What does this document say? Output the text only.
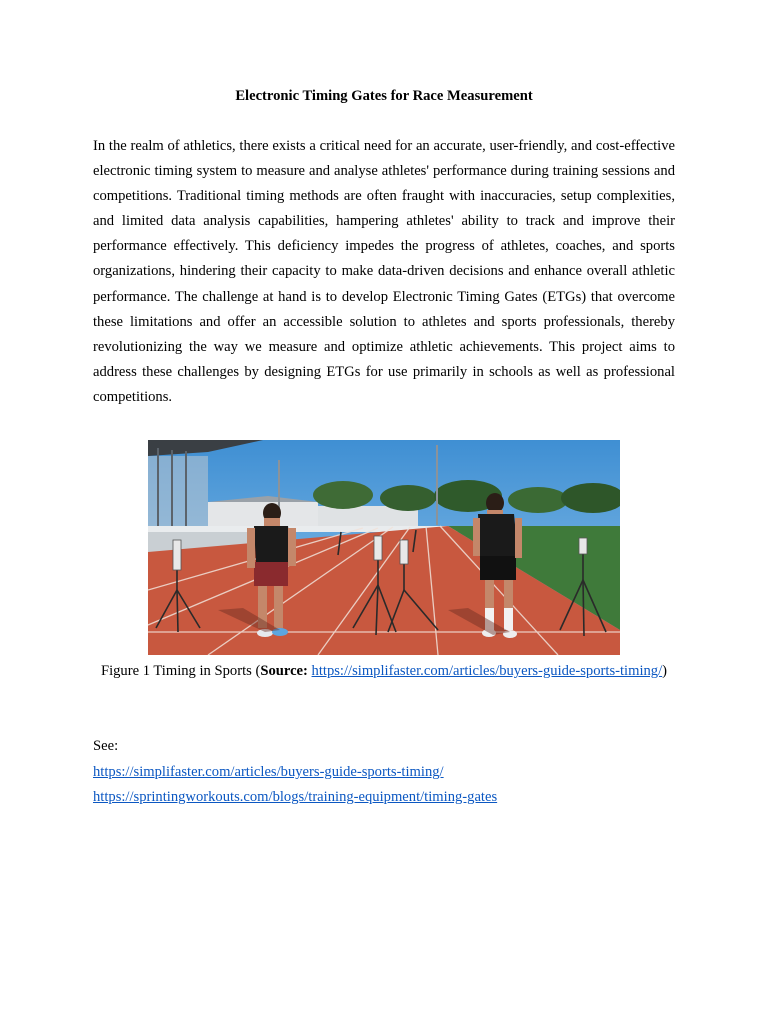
Electronic Timing Gates for Race Measurement

In the realm of athletics, there exists a critical need for an accurate, user-friendly, and cost-effective electronic timing system to measure and analyse athletes' performance during training sessions and competitions. Traditional timing methods are often fraught with inaccuracies, setup complexities, and limited data analysis capabilities, hampering athletes' ability to track and improve their performance effectively. This deficiency impedes the progress of athletes, coaches, and sports organizations, hindering their capacity to make data-driven decisions and enhance overall athletic performance. The challenge at hand is to develop Electronic Timing Gates (ETGs) that overcome these limitations and offer an accessible solution to athletes and sports professionals, thereby revolutionizing the way we measure and optimize athletic achievements. This project aims to address these challenges by designing ETGs for use primarily in schools as well as professional competitions.

Figure 1 Timing in Sports (Source: https://simplifaster.com/articles/buyers-guide-sports-timing/)
See:
https://simplifaster.com/articles/buyers-guide-sports-timing/
https://sprintingworkouts.com/blogs/training-equipment/timing-gates
